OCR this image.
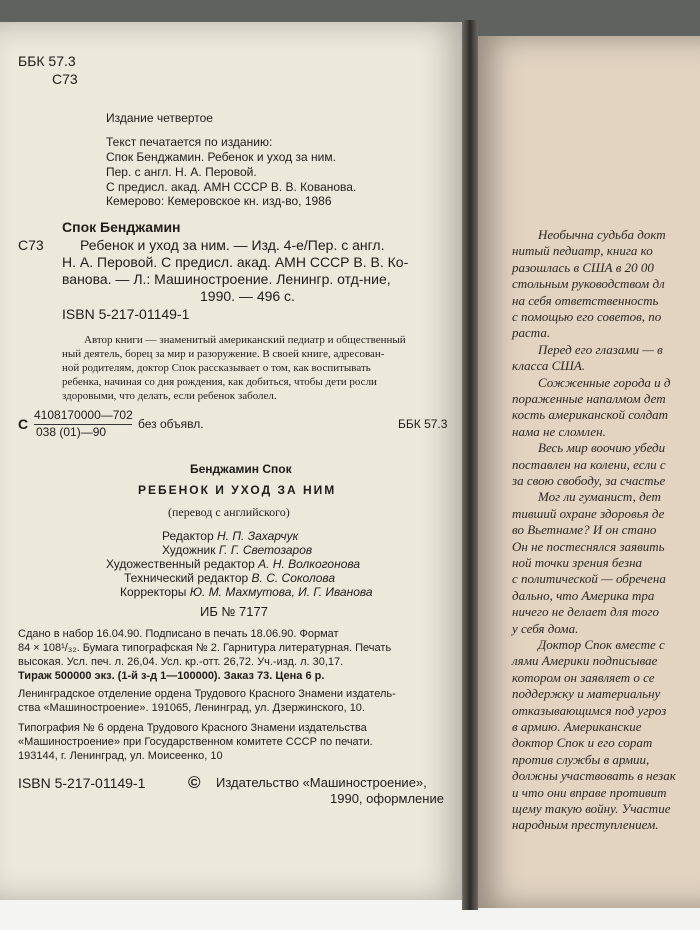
ББК 57.3
С73
Издание четвертое
Текст печатается по изданию:
Спок Бенджамин. Ребенок и уход за ним.
Пер. с англ. Н. А. Перовой.
С предисл. акад. АМН СССР В. В. Кованова.
Кемерово: Кемеровское кн. изд-во, 1986
Спок Бенджамин
С73	Ребенок и уход за ним. — Изд. 4-е/Пер. с англ.
Н. А. Перовой. С предисл. акад. АМН СССР В. В. Ко-
ванова. — Л.: Машиностроение. Ленингр. отд-ние,
1990. — 496 с.
ISBN 5-217-01149-1
Автор книги — знаменитый американский педиатр и общественный
ный деятель, борец за мир и разоружение. В своей книге, адресован-
ной родителям, доктор Спок рассказывает о том, как воспитывать
ребенка, начиная со дня рождения, как добиться, чтобы дети росли
здоровыми, что делать, если ребенок заболел.
С
4108170000—702
038 (01)—90
без объявл.	ББК 57.3
Бенджамин Спок
РЕБЕНОК И УХОД ЗА НИМ
(перевод с английского)
Редактор Н. П. Захарчук
Художник Г. Г. Светозаров
Художественный редактор А. Н. Волкогонова
Технический редактор В. С. Соколова
Корректоры Ю. М. Махмутова, И. Г. Иванова
ИБ № 7177
Сдано в набор 16.04.90. Подписано в печать 18.06.90. Формат
84 × 108¹/₃₂. Бумага типографская № 2. Гарнитура литературная. Печать
высокая. Усл. печ. л. 26,04. Усл. кр.-отт. 26,72. Уч.-изд. л. 30,17.
Тираж 500000 экз. (1-й з-д 1—100000). Заказ 73. Цена 6 р.
Ленинградское отделение ордена Трудового Красного Знамени издатель-
ства «Машиностроение». 191065, Ленинград, ул. Дзержинского, 10.
Типография № 6 ордена Трудового Красного Знамени издательства
«Машиностроение» при Государственном комитете СССР по печати.
193144, г. Ленинград, ул. Моисеенко, 10
ISBN 5-217-01149-1	© Издательство «Машиностроение»,
1990, оформление
Необычна судьба докт
нитый педиатр, книга ко
разошлась в США в 20 00
стольным руководством дл
на себя ответственность
с помощью его советов, по
раста.
Перед его глазами — в
класса США.
Сожженные города и д
пораженные напалмом дет
кость американской солдат
нама не сломлен.
Весь мир воочию убеди
поставлен на колени, если с
за свою свободу, за счастье
Мог ли гуманист, дет
тивший охране здоровья де
во Вьетнаме? И он стано
Он не постеснялся заявить
ной точки зрения безна
с политической — обречена
дально, что Америка тра
ничего не делает для того
у себя дома.
Доктор Спок вместе с
лями Америки подписывае
котором он заявляет о се
поддержку и материальну
отказывающимся под угроз
в армию. Американские
доктор Спок и его сорат
против службы в армии,
должны участвовать в незак
и что они вправе противит
щему такую войну. Участие
народным преступлением.
